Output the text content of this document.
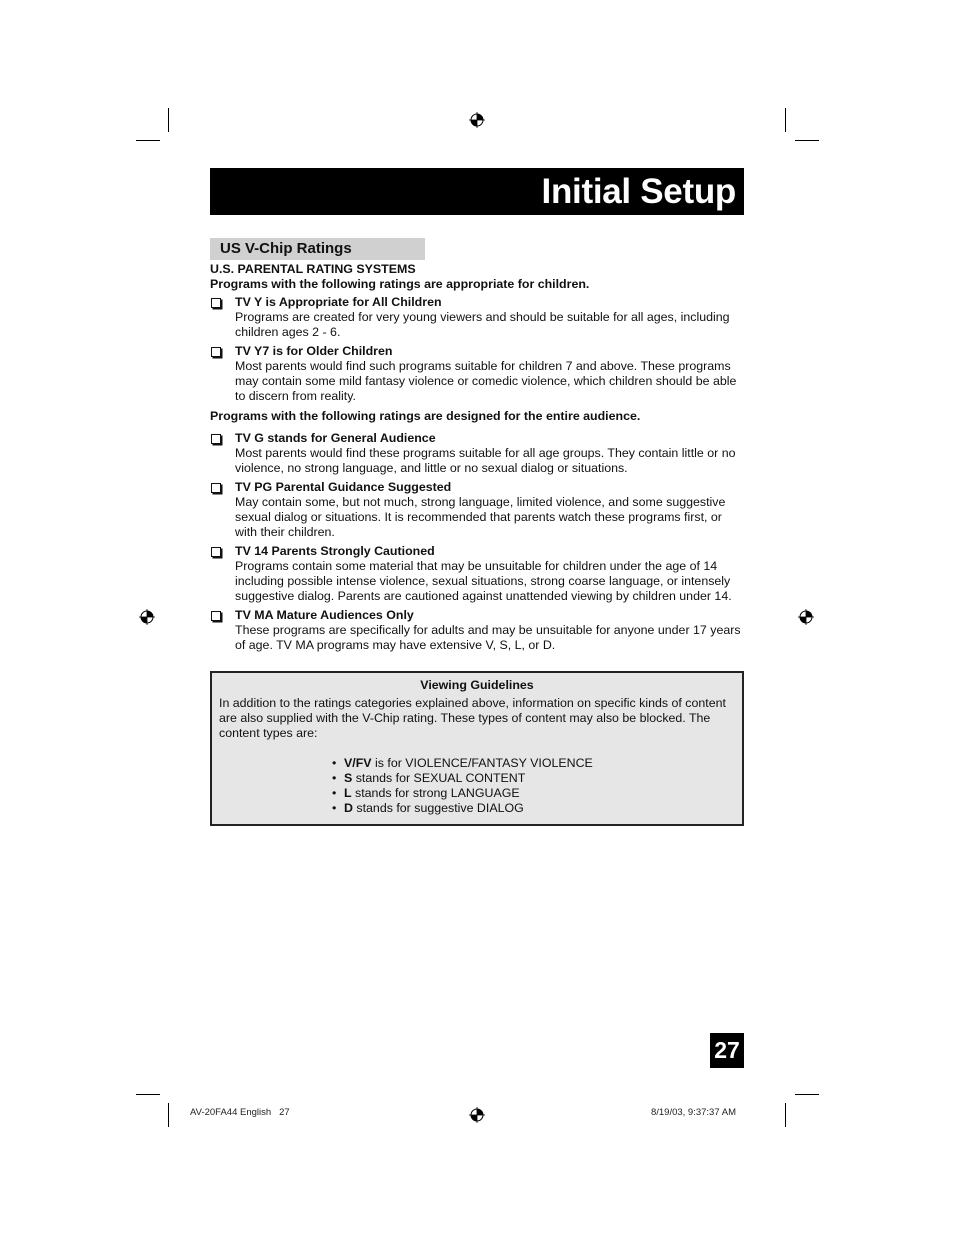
Initial Setup
US V-Chip Ratings

U.S. PARENTAL RATING SYSTEMS

Programs with the following ratings are appropriate for children.

TV Y is Appropriate for All Children
Programs are created for very young viewers and should be suitable for all ages, including children ages 2 - 6.
TV Y7 is for Older Children
Most parents would find such programs suitable for children 7 and above. These programs may contain some mild fantasy violence or comedic violence, which children should be able to discern from reality.

Programs with the following ratings are designed for the entire audience.

TV G stands for General Audience
Most parents would find these programs suitable for all age groups. They contain little or no violence, no strong language, and little or no sexual dialog or situations.
TV PG Parental Guidance Suggested
May contain some, but not much, strong language, limited violence, and some suggestive sexual dialog or situations. It is recommended that parents watch these programs first, or with their children.
TV 14 Parents Strongly Cautioned
Programs contain some material that may be unsuitable for children under the age of 14 including possible intense violence, sexual situations, strong coarse language, or intensely suggestive dialog. Parents are cautioned against unattended viewing by children under 14.
TV MA Mature Audiences Only
These programs are specifically for adults and may be unsuitable for anyone under 17 years of age. TV MA programs may have extensive V, S, L, or D.
Viewing Guidelines
In addition to the ratings categories explained above, information on specific kinds of content are also supplied with the V-Chip rating. These types of content may also be blocked. The content types are:
• V/FV is for VIOLENCE/FANTASY VIOLENCE
• S stands for SEXUAL CONTENT
• L stands for strong LANGUAGE
• D stands for suggestive DIALOG
27
AV-20FA44 English   27	8/19/03, 9:37:37 AM
